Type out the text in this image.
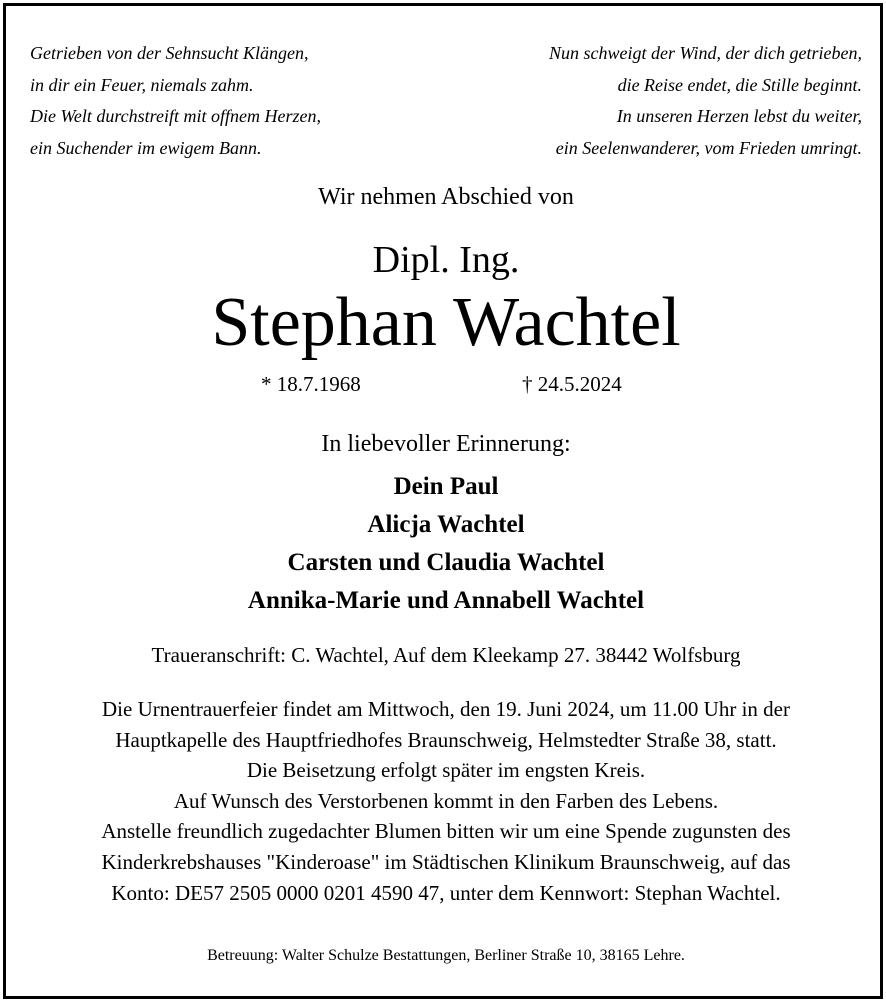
Getrieben von der Sehnsucht Klängen,
in dir ein Feuer, niemals zahm.
Die Welt durchstreift mit offnem Herzen,
ein Suchender im ewigem Bann.
Nun schweigt der Wind, der dich getrieben,
die Reise endet, die Stille beginnt.
In unseren Herzen lebst du weiter,
ein Seelenwanderer, vom Frieden umringt.
Wir nehmen Abschied von
Dipl. Ing.
Stephan Wachtel
* 18.7.1968	† 24.5.2024
In liebevoller Erinnerung:
Dein Paul
Alicja Wachtel
Carsten und Claudia Wachtel
Annika-Marie und Annabell Wachtel
Traueranschrift: C. Wachtel, Auf dem Kleekamp 27. 38442 Wolfsburg
Die Urnentrauerfeier findet am Mittwoch, den 19. Juni 2024, um 11.00 Uhr in der
Hauptkapelle des Hauptfriedhofes Braunschweig, Helmstedter Straße 38, statt.
Die Beisetzung erfolgt später im engsten Kreis.
Auf Wunsch des Verstorbenen kommt in den Farben des Lebens.
Anstelle freundlich zugedachter Blumen bitten wir um eine Spende zugunsten des
Kinderkrebshauses "Kinderoase" im Städtischen Klinikum Braunschweig, auf das
Konto: DE57 2505 0000 0201 4590 47, unter dem Kennwort: Stephan Wachtel.
Betreuung: Walter Schulze Bestattungen, Berliner Straße 10, 38165 Lehre.
